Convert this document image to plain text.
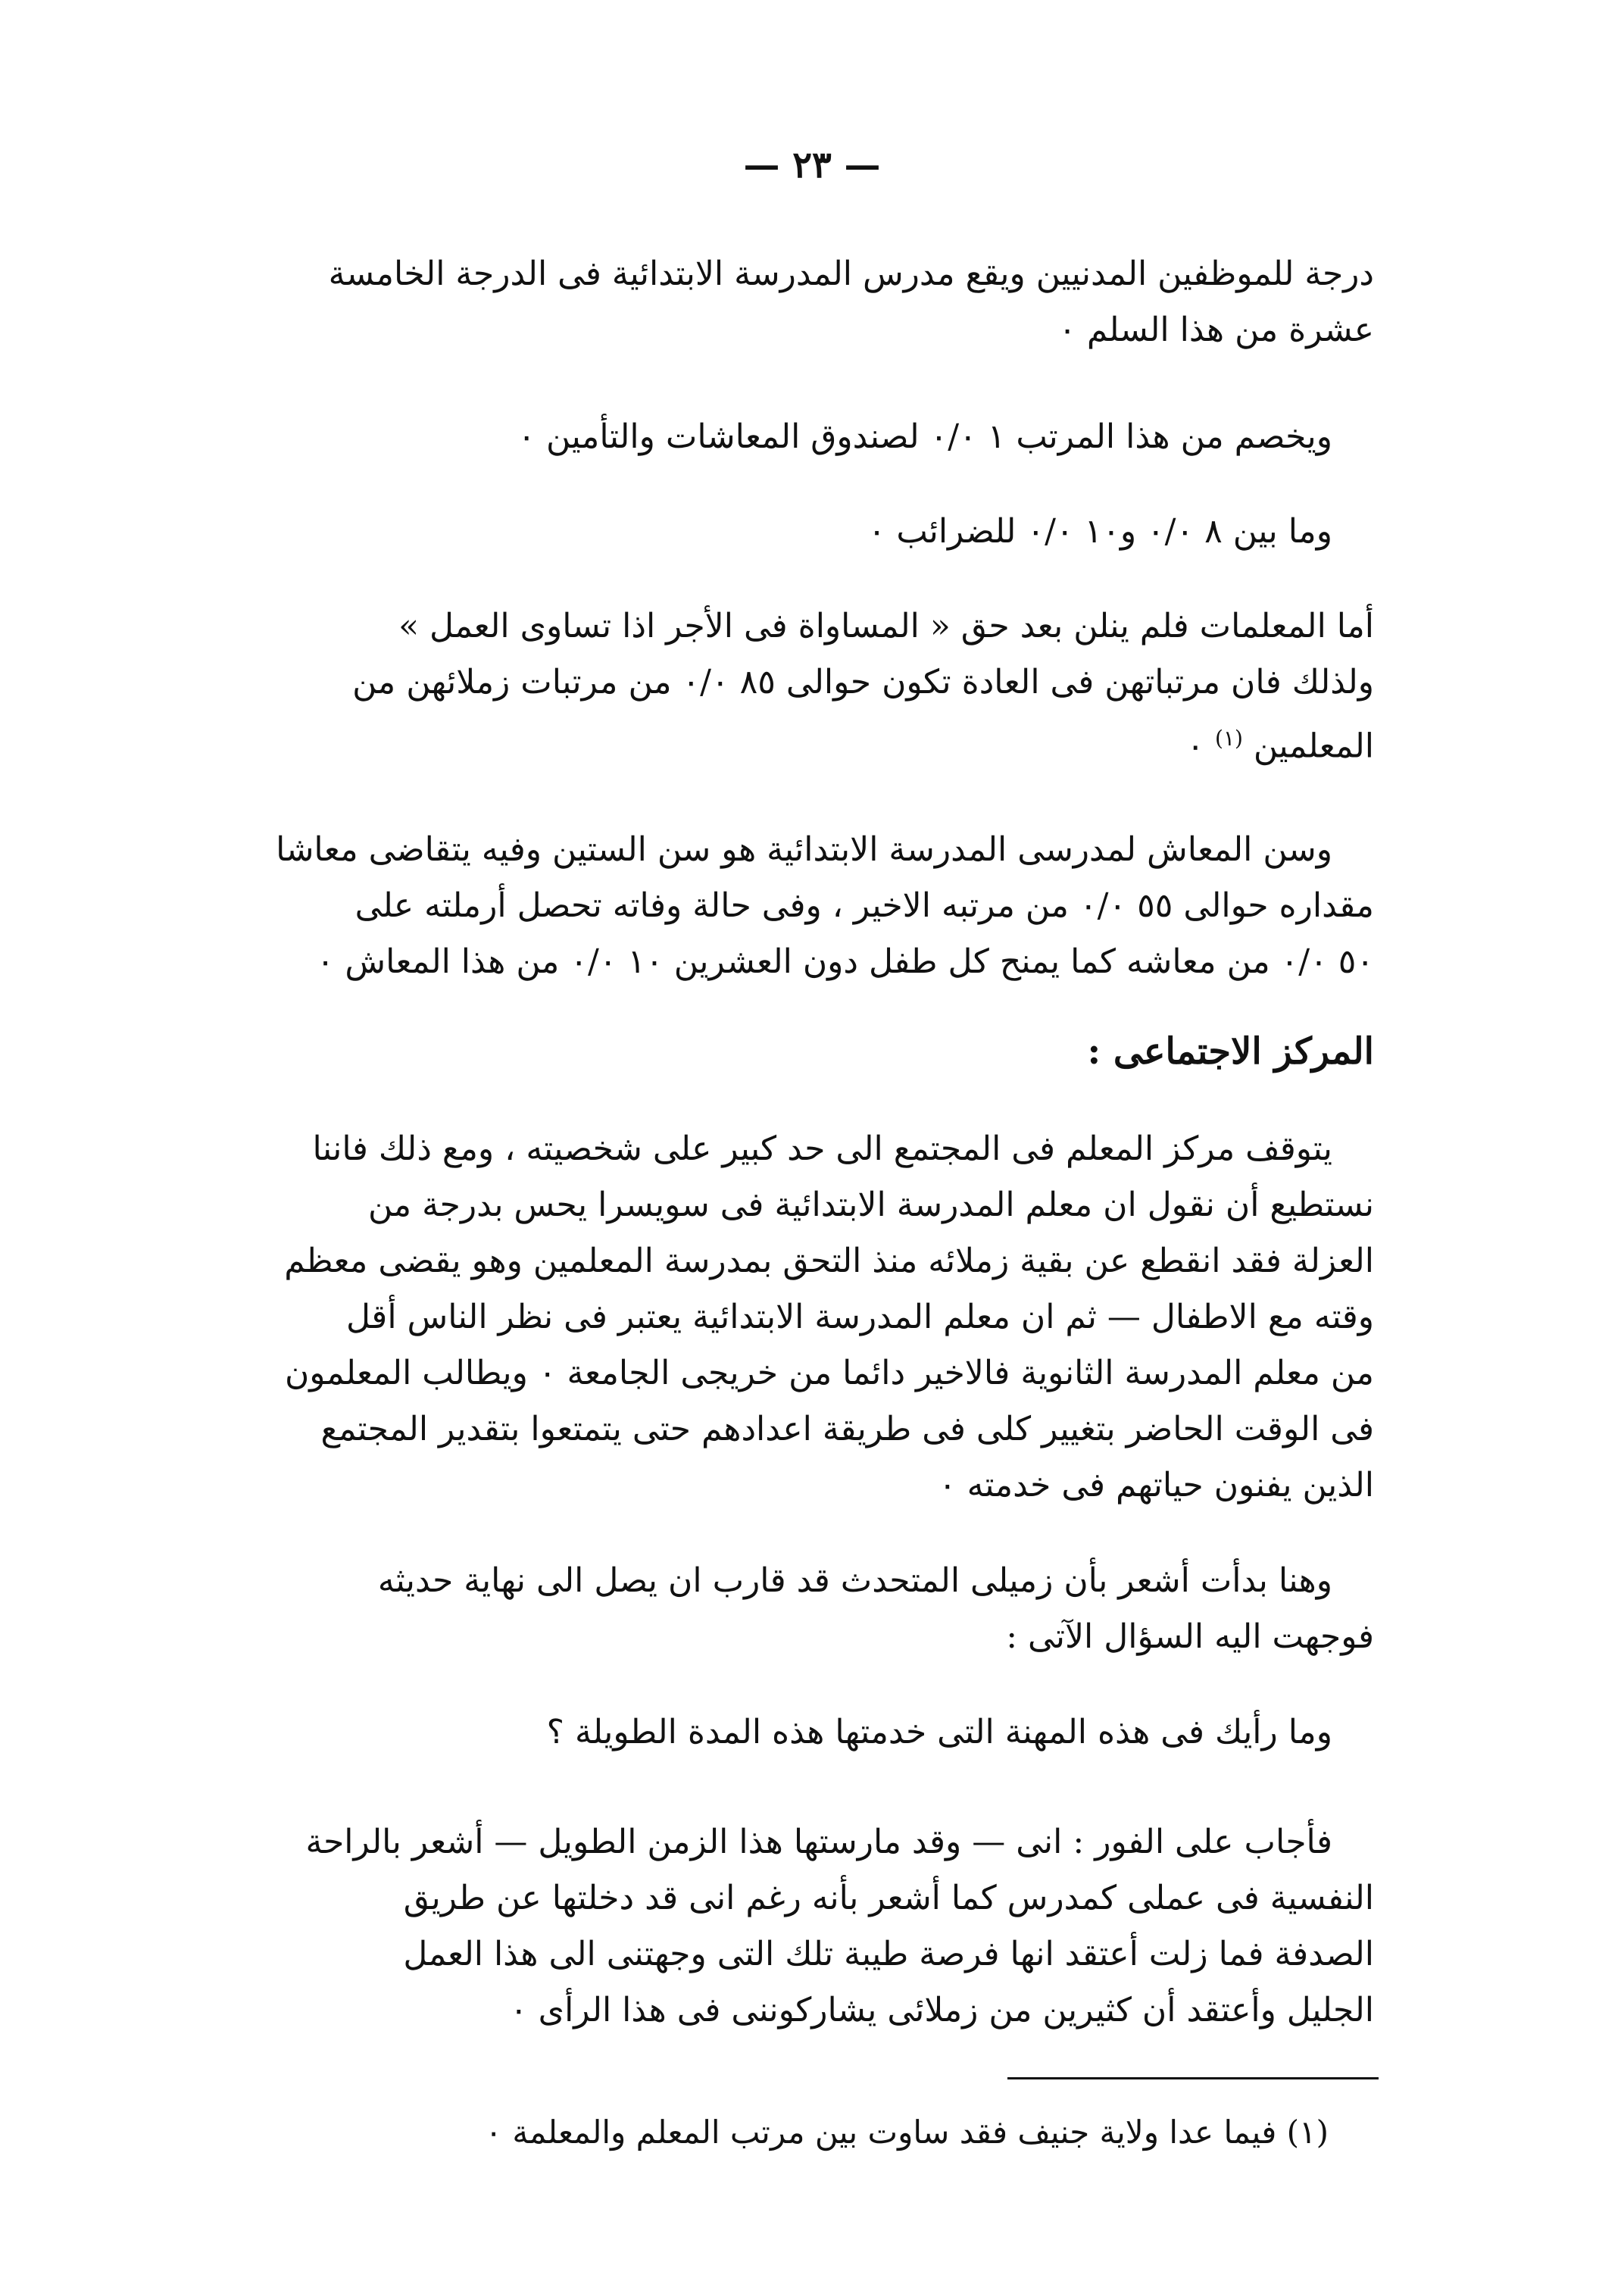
— ٢٣ —
درجة للموظفين المدنيين ويقع مدرس المدرسة الابتدائية فى الدرجة الخامسة
عشرة من هذا السلم ٠
ويخصم من هذا المرتب ١ ٠/٠ لصندوق المعاشات والتأمين ٠
وما بين ٨ ٠/٠ و١٠ ٠/٠ للضرائب ٠
أما المعلمات فلم ينلن بعد حق « المساواة فى الأجر اذا تساوى العمل »
ولذلك فان مرتباتهن فى العادة تكون حوالى ٨٥ ٠/٠ من مرتبات زملائهن من
المعلمين $^{(١)}$ ٠
وسن المعاش لمدرسى المدرسة الابتدائية هو سن الستين وفيه يتقاضى معاشا
مقداره حوالى ٥٥ ٠/٠ من مرتبه الاخير ، وفى حالة وفاته تحصل أرملته على
٥٠ ٠/٠ من معاشه كما يمنح كل طفل دون العشرين ١٠ ٠/٠ من هذا المعاش ٠
المركز الاجتماعى :
يتوقف مركز المعلم فى المجتمع الى حد كبير على شخصيته ، ومع ذلك فاننا
نستطيع أن نقول ان معلم المدرسة الابتدائية فى سويسرا يحس بدرجة من
العزلة فقد انقطع عن بقية زملائه منذ التحق بمدرسة المعلمين وهو يقضى معظم
وقته مع الاطفال — ثم ان معلم المدرسة الابتدائية يعتبر فى نظر الناس أقل
من معلم المدرسة الثانوية فالاخير دائما من خريجى الجامعة ٠ ويطالب المعلمون
فى الوقت الحاضر بتغيير كلى فى طريقة اعدادهم حتى يتمتعوا بتقدير المجتمع
الذين يفنون حياتهم فى خدمته ٠
وهنا بدأت أشعر بأن زميلى المتحدث قد قارب ان يصل الى نهاية حديثه
فوجهت اليه السؤال الآتى :
وما رأيك فى هذه المهنة التى خدمتها هذه المدة الطويلة ؟
فأجاب على الفور : انى — وقد مارستها هذا الزمن الطويل — أشعر بالراحة
النفسية فى عملى كمدرس كما أشعر بأنه رغم انى قد دخلتها عن طريق
الصدفة فما زلت أعتقد انها فرصة طيبة تلك التى وجهتنى الى هذا العمل
الجليل وأعتقد أن كثيرين من زملائى يشاركوننى فى هذا الرأى ٠
(١) فيما عدا ولاية جنيف فقد ساوت بين مرتب المعلم والمعلمة ٠
